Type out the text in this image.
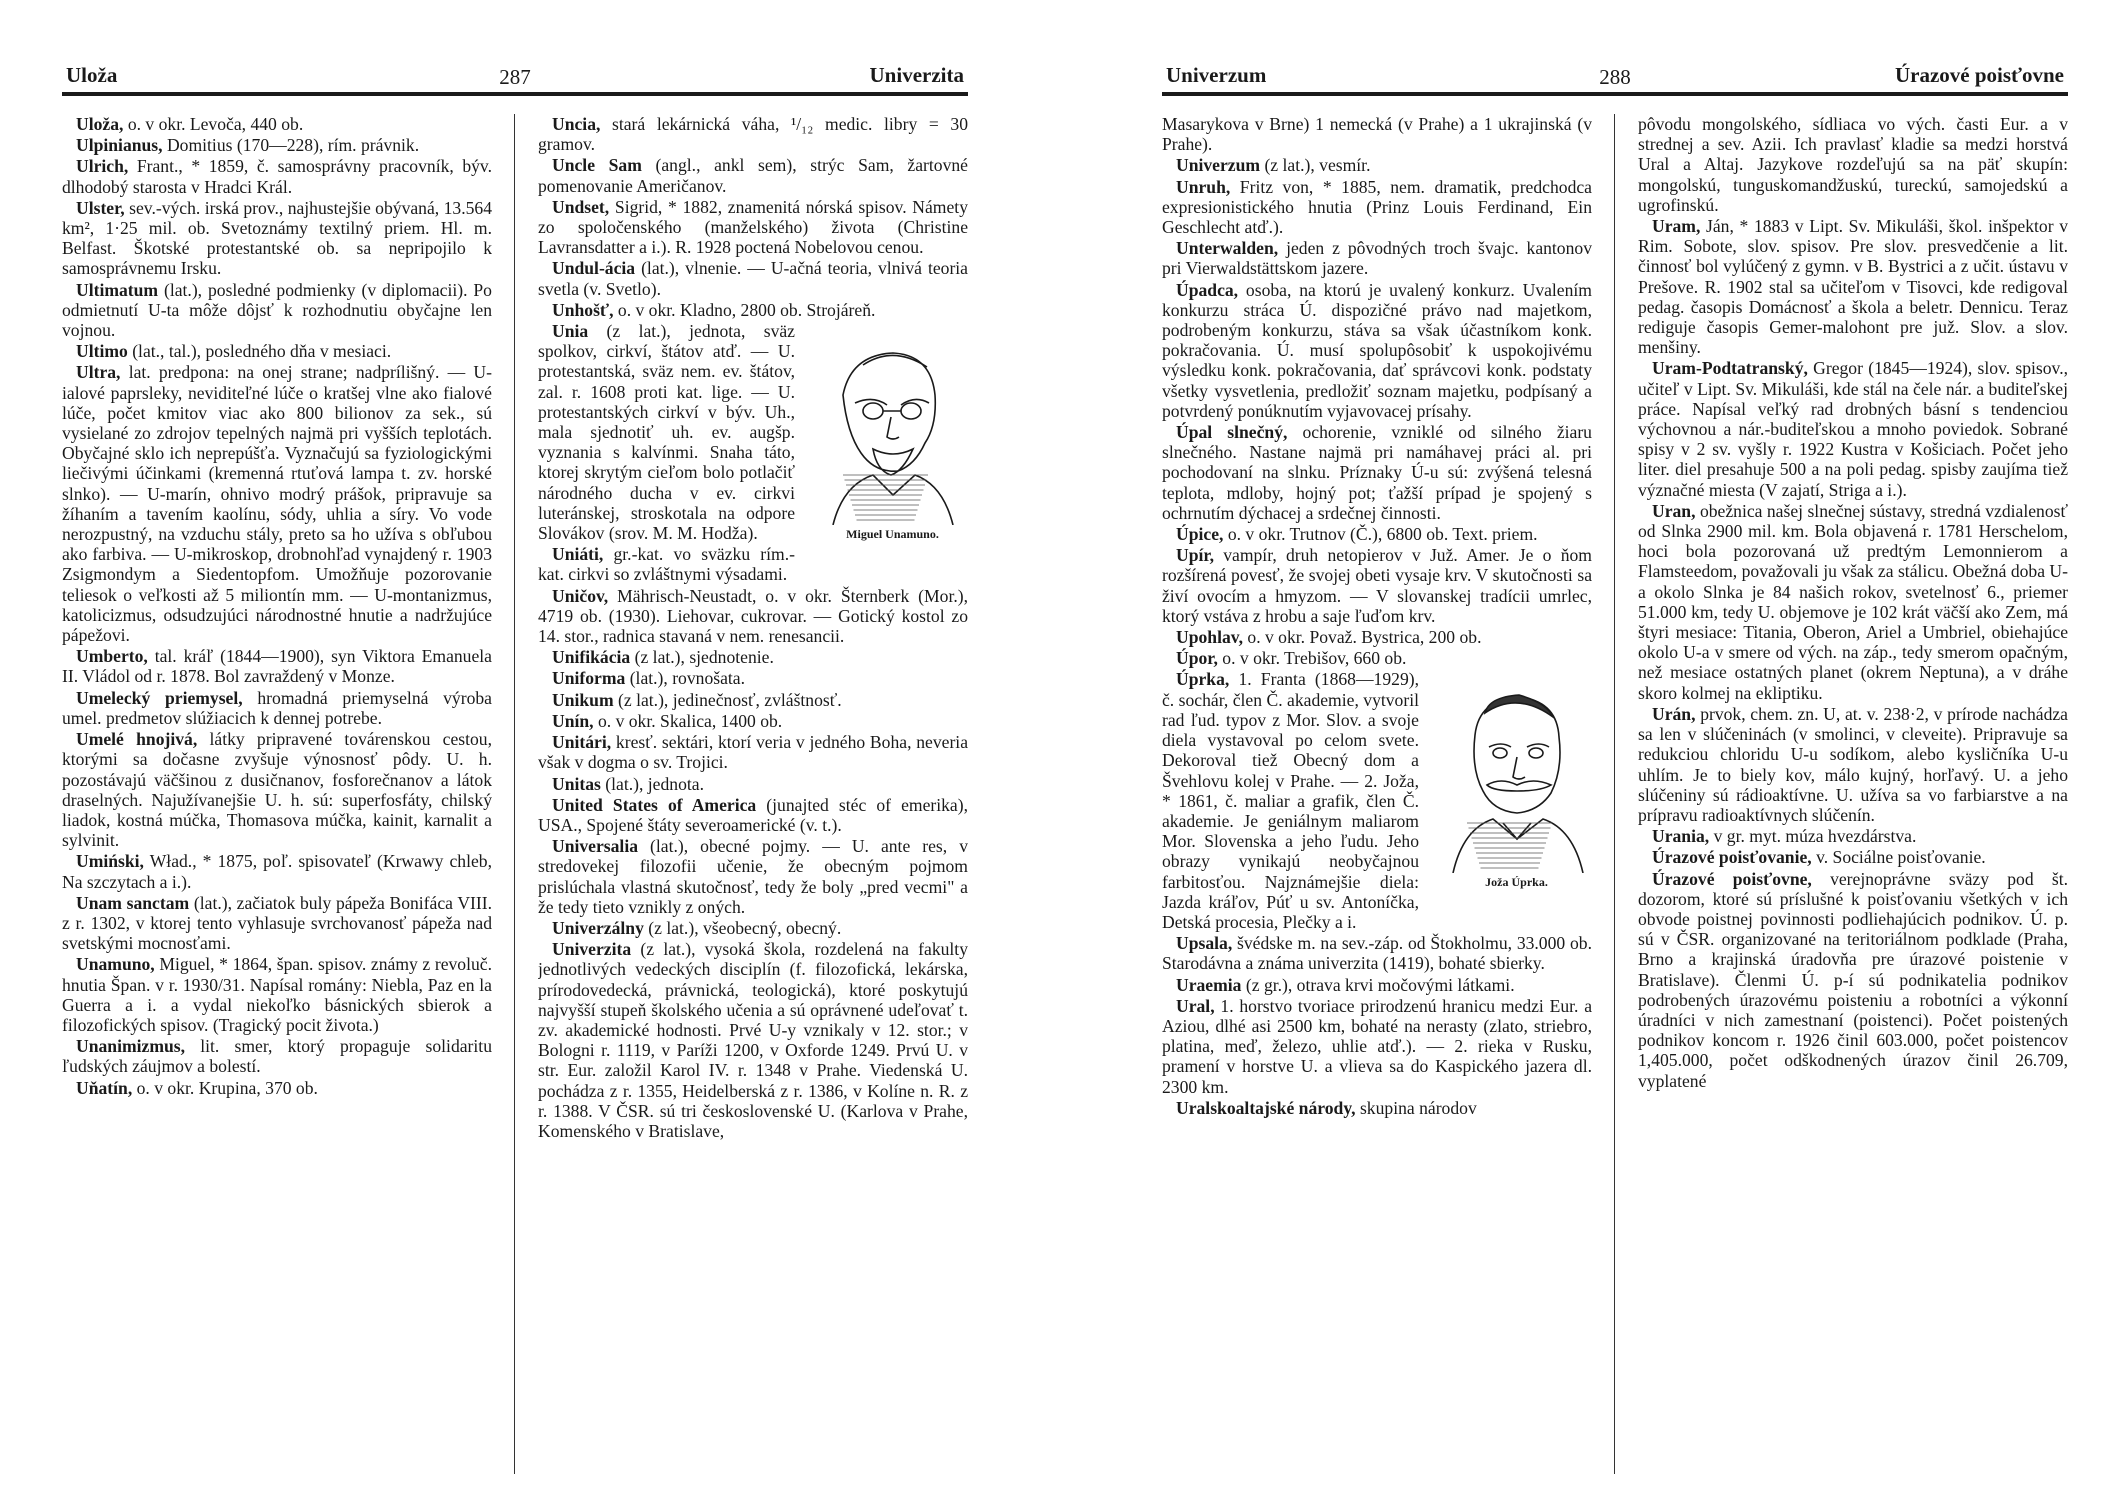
Uloža	287	Univerzita

Uloža, o. v okr. Levoča, 440 ob.

Ulpinianus, Domitius (170—228), rím. právnik.

Ulrich, Frant., * 1859, č. samosprávny pracovník, býv. dlhodobý starosta v Hradci Král.

Ulster, sev.-vých. irská prov., najhustejšie obývaná, 13.564 km², 1·25 mil. ob. Svetoznámy textilný priem. Hl. m. Belfast. Škotské protestantské ob. sa nepripojilo k samosprávnemu Irsku.

Ultimatum (lat.), posledné podmienky (v diplomacii). Po odmietnutí U-ta môže dôjsť k rozhodnutiu obyčajne len vojnou.

Ultimo (lat., tal.), posledného dňa v mesiaci.

Ultra, lat. predpona: na onej strane; nadprílišný. — U-ialové paprsleky, neviditeľné lúče o kratšej vlne ako fialové lúče, počet kmitov viac ako 800 bilionov za sek., sú vysielané zo zdrojov tepelných najmä pri vyšších teplotách. Obyčajné sklo ich neprepúšťa. Vyznačujú sa fyziologickými liečivými účinkami (kremenná rtuťová lampa t. zv. horské slnko). — U-marín, ohnivo modrý prášok, pripravuje sa žíhaním a tavením kaolínu, sódy, uhlia a síry. Vo vode nerozpustný, na vzduchu stály, preto sa ho užíva s obľubou ako farbiva. — U-mikroskop, drobnohľad vynajdený r. 1903 Zsigmondym a Siedentopfom. Umožňuje pozorovanie teliesok o veľkosti až 5 miliontín mm. — U-montanizmus, katolicizmus, odsudzujúci národnostné hnutie a nadržujúce pápežovi.

Umberto, tal. kráľ (1844—1900), syn Viktora Emanuela II. Vládol od r. 1878. Bol zavraždený v Monze.

Umelecký priemysel, hromadná priemyselná výroba umel. predmetov slúžiacich k dennej potrebe.

Umelé hnojivá, látky pripravené továrenskou cestou, ktorými sa dočasne zvyšuje výnosnosť pôdy. U. h. pozostávajú väčšinou z dusičnanov, fosforečnanov a látok draselných. Najužívanejšie U. h. sú: superfosfáty, chilský liadok, kostná múčka, Thomasova múčka, kainit, karnalit a sylvinit.

Umiński, Wład., * 1875, poľ. spisovateľ (Krwawy chleb, Na szczytach a i.).

Unam sanctam (lat.), začiatok buly pápeža Bonifáca VIII. z r. 1302, v ktorej tento vyhlasuje svrchovanosť pápeža nad svetskými mocnosťami.

Unamuno, Miguel, * 1864, špan. spisov. známy z revoluč. hnutia Špan. v r. 1930/31. Napísal romány: Niebla, Paz en la Guerra a i. a vydal niekoľko básnických sbierok a filozofických spisov. (Tragický pocit života.)

Unanimizmus, lit. smer, ktorý propaguje solidaritu ľudských záujmov a bolestí.

Uňatín, o. v okr. Krupina, 370 ob.

Uncia, stará lekárnická váha, ¹/₁₂ medic. libry = 30 gramov.

Uncle Sam (angl., ankl sem), strýc Sam, žartovné pomenovanie Američanov.

Undset, Sigrid, * 1882, znamenitá nórská spisov. Námety zo spoločenského (manželského) života (Christine Lavransdatter a i.). R. 1928 poctená Nobelovou cenou.

Undul-ácia (lat.), vlnenie. — U-ačná teoria, vlnivá teoria svetla (v. Svetlo).

Unhošť, o. v okr. Kladno, 2800 ob. Strojáreň.

Miguel Unamuno.
Unia (z lat.), jednota, sväz spolkov, cirkví, štátov atď. — U. protestantská, sväz nem. ev. štátov, zal. r. 1608 proti kat. lige. — U. protestantských cirkví v býv. Uh., mala sjednotiť uh. ev. augšp. vyznania s kalvínmi. Snaha táto, ktorej skrytým cieľom bolo potlačiť národného ducha v ev. cirkvi luteránskej, stroskotala na odpore Slovákov (srov. M. M. Hodža).

Uniáti, gr.-kat. vo sväzku rím.-kat. cirkvi so zvláštnymi výsadami.

Uničov, Mährisch-Neustadt, o. v okr. Šternberk (Mor.), 4719 ob. (1930). Liehovar, cukrovar. — Gotický kostol zo 14. stor., radnica stavaná v nem. renesancii.

Unifikácia (z lat.), sjednotenie.

Uniforma (lat.), rovnošata.

Unikum (z lat.), jedinečnosť, zvláštnosť.

Unín, o. v okr. Skalica, 1400 ob.

Unitári, kresť. sektári, ktorí veria v jedného Boha, neveria však v dogma o sv. Trojici.

Unitas (lat.), jednota.

United States of America (junajted stéc of emerika), USA., Spojené štáty severoamerické (v. t.).

Universalia (lat.), obecné pojmy. — U. ante res, v stredovekej filozofii učenie, že obecným pojmom prislúchala vlastná skutočnosť, tedy že boly „pred vecmi" a že tedy tieto vznikly z oných.

Univerzálny (z lat.), všeobecný, obecný.

Univerzita (z lat.), vysoká škola, rozdelená na fakulty jednotlivých vedeckých disciplín (f. filozofická, lekárska, prírodovedecká, právnická, teologická), ktoré poskytujú najvyšší stupeň školského učenia a sú oprávnené udeľovať t. zv. akademické hodnosti. Prvé U-y vznikaly v 12. stor.; v Bologni r. 1119, v Paríži 1200, v Oxforde 1249. Prvú U. v str. Eur. založil Karol IV. r. 1348 v Prahe. Viedenská U. pochádza z r. 1355, Heidelberská z r. 1386, v Kolíne n. R. z r. 1388. V ČSR. sú tri československé U. (Karlova v Prahe, Komenského v Bratislave,

Univerzum	288	Úrazové poisťovne

Masarykova v Brne) 1 nemecká (v Prahe) a 1 ukrajinská (v Prahe).

Univerzum (z lat.), vesmír.

Unruh, Fritz von, * 1885, nem. dramatik, predchodca expresionistického hnutia (Prinz Louis Ferdinand, Ein Geschlecht atď.).

Unterwalden, jeden z pôvodných troch švajc. kantonov pri Vierwaldstättskom jazere.

Úpadca, osoba, na ktorú je uvalený konkurz. Uvalením konkurzu stráca Ú. dispozičné právo nad majetkom, podrobeným konkurzu, stáva sa však účastníkom konk. pokračovania. Ú. musí spolupôsobiť k uspokojivému výsledku konk. pokračovania, dať správcovi konk. podstaty všetky vysvetlenia, predložiť soznam majetku, podpísaný a potvrdený ponúknutím vyjavovacej prísahy.

Úpal slnečný, ochorenie, vzniklé od silného žiaru slnečného. Nastane najmä pri namáhavej práci al. pri pochodovaní na slnku. Príznaky Ú-u sú: zvýšená telesná teplota, mdloby, hojný pot; ťažší prípad je spojený s ochrnutím dýchacej a srdečnej činnosti.

Úpice, o. v okr. Trutnov (Č.), 6800 ob. Text. priem.

Upír, vampír, druh netopierov v Juž. Amer. Je o ňom rozšírená povesť, že svojej obeti vysaje krv. V skutočnosti sa živí ovocím a hmyzom. — V slovanskej tradícii umrlec, ktorý vstáva z hrobu a saje ľuďom krv.

Upohlav, o. v okr. Považ. Bystrica, 200 ob.

Úpor, o. v okr. Trebišov, 660 ob.

Joža Úprka.
Úprka, 1. Franta (1868—1929), č. sochár, člen Č. akademie, vytvoril rad ľud. typov z Mor. Slov. a svoje diela vystavoval po celom svete. Dekoroval tiež Obecný dom a Švehlovu kolej v Prahe. — 2. Joža, * 1861, č. maliar a grafik, člen Č. akademie. Je geniálnym maliarom Mor. Slovenska a jeho ľudu. Jeho obrazy vynikajú neobyčajnou farbitosťou. Najznámejšie diela: Jazda kráľov, Púť u sv. Antoníčka, Detská procesia, Plečky a i.

Upsala, švédske m. na sev.-záp. od Štokholmu, 33.000 ob. Starodávna a známa univerzita (1419), bohaté sbierky.

Uraemia (z gr.), otrava krvi močovými látkami.

Ural, 1. horstvo tvoriace prirodzenú hranicu medzi Eur. a Aziou, dlhé asi 2500 km, bohaté na nerasty (zlato, striebro, platina, meď, železo, uhlie atď.). — 2. rieka v Rusku, pramení v horstve U. a vlieva sa do Kaspického jazera dl. 2300 km.

Uralskoaltajské národy, skupina národov

pôvodu mongolského, sídliaca vo vých. časti Eur. a v strednej a sev. Azii. Ich pravlasť kladie sa medzi horstvá Ural a Altaj. Jazykove rozdeľujú sa na päť skupín: mongolskú, tunguskomandžuskú, tureckú, samojedskú a ugrofinskú.

Uram, Ján, * 1883 v Lipt. Sv. Mikuláši, škol. inšpektor v Rim. Sobote, slov. spisov. Pre slov. presvedčenie a lit. činnosť bol vylúčený z gymn. v B. Bystrici a z učit. ústavu v Prešove. R. 1902 stal sa učiteľom v Tisovci, kde redigoval pedag. časopis Domácnosť a škola a beletr. Dennicu. Teraz rediguje časopis Gemer-malohont pre juž. Slov. a slov. menšiny.

Uram-Podtatranský, Gregor (1845—1924), slov. spisov., učiteľ v Lipt. Sv. Mikuláši, kde stál na čele nár. a buditeľskej práce. Napísal veľký rad drobných básní s tendenciou výchovnou a nár.-buditeľskou a mnoho poviedok. Sobrané spisy v 2 sv. vyšly r. 1922 Kustra v Košiciach. Počet jeho liter. diel presahuje 500 a na poli pedag. spisby zaujíma tiež význačné miesta (V zajatí, Striga a i.).

Uran, obežnica našej slnečnej sústavy, stredná vzdialenosť od Slnka 2900 mil. km. Bola objavená r. 1781 Herschelom, hoci bola pozorovaná už predtým Lemonnierom a Flamsteedom, považovali ju však za stálicu. Obežná doba U-a okolo Slnka je 84 našich rokov, svetelnosť 6., priemer 51.000 km, tedy U. objemove je 102 krát väčší ako Zem, má štyri mesiace: Titania, Oberon, Ariel a Umbriel, obiehajúce okolo U-a v smere od vých. na záp., tedy smerom opačným, než mesiace ostatných planet (okrem Neptuna), a v dráhe skoro kolmej na ekliptiku.

Urán, prvok, chem. zn. U, at. v. 238·2, v prírode nachádza sa len v slúčeninách (v smolinci, v cleveite). Pripravuje sa redukciou chloridu U-u sodíkom, alebo kysličníka U-u uhlím. Je to biely kov, málo kujný, horľavý. U. a jeho slúčeniny sú rádioaktívne. U. užíva sa vo farbiarstve a na prípravu radioaktívnych slúčenín.

Urania, v gr. myt. múza hvezdárstva.

Úrazové poisťovanie, v. Sociálne poisťovanie.

Úrazové poisťovne, verejnoprávne sväzy pod št. dozorom, ktoré sú príslušné k poisťovaniu všetkých v ich obvode poistnej povinnosti podliehajúcich podnikov. Ú. p. sú v ČSR. organizované na teritoriálnom podklade (Praha, Brno a krajinská úradovňa pre úrazové poistenie v Bratislave). Členmi Ú. p-í sú podnikatelia podnikov podrobených úrazovému poisteniu a robotníci a výkonní úradníci v nich zamestnaní (poistenci). Počet poistených podnikov koncom r. 1926 činil 603.000, počet poistencov 1,405.000, počet odškodnených úrazov činil 26.709, vyplatené
